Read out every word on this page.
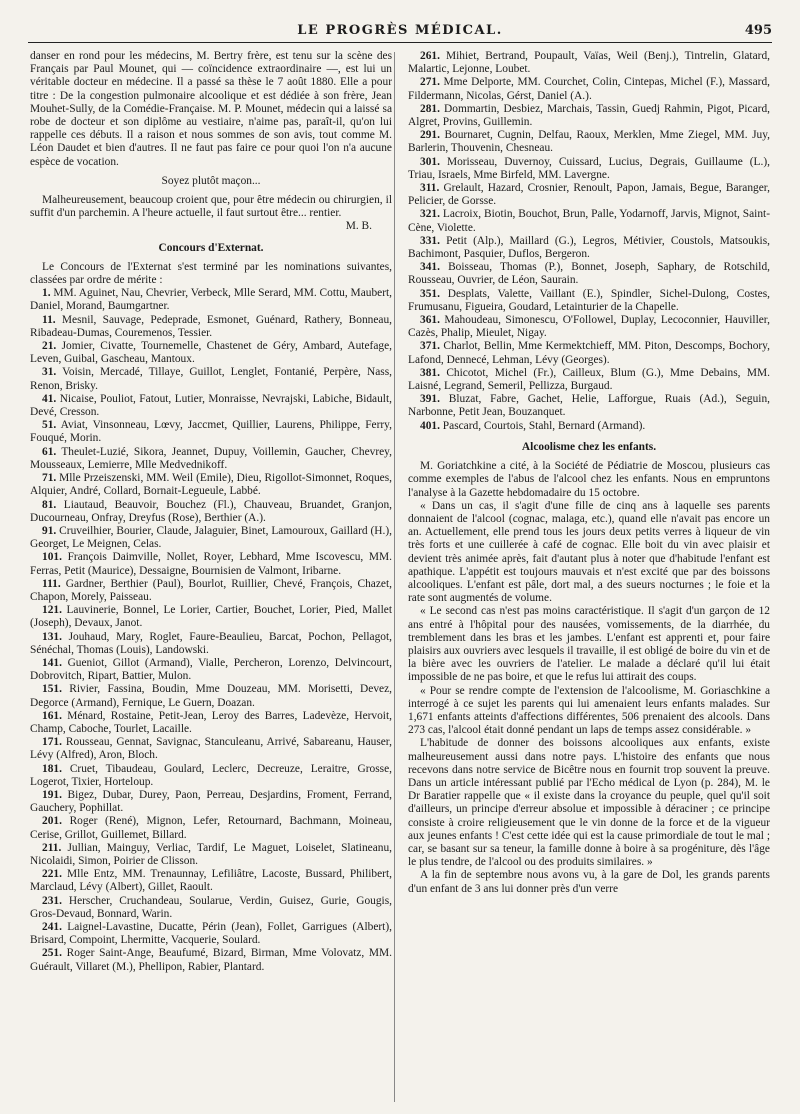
LE PROGRÈS MÉDICAL.	495

danser en rond pour les médecins, M. Bertry frère, est tenu sur la scène des Français par Paul Mounet, qui — coïncidence extraordinaire —, est lui un véritable docteur en médecine. Il a passé sa thèse le 7 août 1880. Elle a pour titre : De la congestion pulmonaire alcoolique et est dédiée à son frère, Jean Mouhet-Sully, de la Comédie-Française. M. P. Mounet, médecin qui a laissé sa robe de docteur et son diplôme au vestiaire, n'aime pas, paraît-il, qu'on lui rappelle ces débuts. Il a raison et nous sommes de son avis, tout comme M. Léon Daudet et bien d'autres. Il ne faut pas faire ce pour quoi l'on n'a aucune espèce de vocation.

Soyez plutôt maçon...

Malheureusement, beaucoup croient que, pour être médecin ou chirurgien, il suffit d'un parchemin. A l'heure actuelle, il faut surtout être... rentier.

M. B.

Concours d'Externat.

Le Concours de l'Externat s'est terminé par les nominations suivantes, classées par ordre de mérite :

1. MM. Aguinet, Nau, Chevrier, Verbeck, Mlle Serard, MM. Cottu, Maubert, Daniel, Morand, Baumgartner.

11. Mesnil, Sauvage, Pedeprade, Esmonet, Guénard, Rathery, Bonneau, Ribadeau-Dumas, Couremenos, Tessier.

21. Jomier, Civatte, Tournemelle, Chastenet de Géry, Ambard, Autefage, Leven, Guibal, Gascheau, Mantoux.

31. Voisin, Mercadé, Tillaye, Guillot, Lenglet, Fontanié, Perpère, Nass, Renon, Brisky.

41. Nicaise, Pouliot, Fatout, Lutier, Monraisse, Nevrajski, Labiche, Bidault, Devé, Cresson.

51. Aviat, Vinsonneau, Lœvy, Jaccmet, Quillier, Laurens, Philippe, Ferry, Fouqué, Morin.

61. Theulet-Luzié, Sikora, Jeannet, Dupuy, Voillemin, Gaucher, Chevrey, Mousseaux, Lemierre, Mlle Medvednikoff.

71. Mlle Przeiszenski, MM. Weil (Emile), Dieu, Rigollot-Simonnet, Roques, Alquier, André, Collard, Bornait-Legueule, Labbé.

81. Liautaud, Beauvoir, Bouchez (Fl.), Chauveau, Bruandet, Granjon, Ducourneau, Onfray, Dreyfus (Rose), Berthier (A.).

91. Cruveilhier, Bourier, Claude, Jalaguier, Binet, Lamouroux, Gaillard (H.), Georget, Le Meignen, Celas.

101. François Daimville, Nollet, Royer, Lebhard, Mme Iscovescu, MM. Ferras, Petit (Maurice), Dessaigne, Bournisien de Valmont, Iribarne.

111. Gardner, Berthier (Paul), Bourlot, Ruillier, Chevé, François, Chazet, Chapon, Morely, Paisseau.

121. Lauvinerie, Bonnel, Le Lorier, Cartier, Bouchet, Lorier, Pied, Mallet (Joseph), Devaux, Janot.

131. Jouhaud, Mary, Roglet, Faure-Beaulieu, Barcat, Pochon, Pellagot, Sénéchal, Thomas (Louis), Landowski.

141. Gueniot, Gillot (Armand), Vialle, Percheron, Lorenzo, Delvincourt, Dobrovitch, Ripart, Battier, Mulon.

151. Rivier, Fassina, Boudin, Mme Douzeau, MM. Morisetti, Devez, Degorce (Armand), Fernique, Le Guern, Doazan.

161. Ménard, Rostaine, Petit-Jean, Leroy des Barres, Ladevèze, Hervoit, Champ, Caboche, Tourlet, Lacaille.

171. Rousseau, Gennat, Savignac, Stanculeanu, Arrivé, Sabareanu, Hauser, Lévy (Alfred), Aron, Bloch.

181. Cruet, Tibaudeau, Goulard, Leclerc, Decreuze, Leraitre, Grosse, Logerot, Tixier, Horteloup.

191. Bigez, Dubar, Durey, Paon, Perreau, Desjardins, Froment, Ferrand, Gauchery, Pophillat.

201. Roger (René), Mignon, Lefer, Retournard, Bachmann, Moineau, Cerise, Grillot, Guillemet, Billard.

211. Jullian, Mainguy, Verliac, Tardif, Le Maguet, Loiselet, Slatineanu, Nicolaidi, Simon, Poirier de Clisson.

221. Mlle Entz, MM. Trenaunnay, Lefiliâtre, Lacoste, Bussard, Philibert, Marclaud, Lévy (Albert), Gillet, Raoult.

231. Herscher, Cruchandeau, Soularue, Verdin, Guisez, Gurie, Gougis, Gros-Devaud, Bonnard, Warin.

241. Laignel-Lavastine, Ducatte, Périn (Jean), Follet, Garrigues (Albert), Brisard, Compoint, Lhermitte, Vacquerie, Soulard.

251. Roger Saint-Ange, Beaufumé, Bizard, Birman, Mme Volovatz, MM. Guérault, Villaret (M.), Phellipon, Rabier, Plantard.

261. Mihiet, Bertrand, Poupault, Vaïas, Weil (Benj.), Tintrelin, Glatard, Malartic, Lejonne, Loubet.

271. Mme Delporte, MM. Courchet, Colin, Cintepas, Michel (F.), Massard, Fildermann, Nicolas, Gérst, Daniel (A.).

281. Dommartin, Desbiez, Marchais, Tassin, Guedj Rahmin, Pigot, Picard, Algret, Provins, Guillemin.

291. Bournaret, Cugnin, Delfau, Raoux, Merklen, Mme Ziegel, MM. Juy, Barlerin, Thouvenin, Chesneau.

301. Morisseau, Duvernoy, Cuissard, Lucius, Degrais, Guillaume (L.), Triau, Israels, Mme Birfeld, MM. Lavergne.

311. Grelault, Hazard, Crosnier, Renoult, Papon, Jamais, Begue, Baranger, Pelicier, de Gorsse.

321. Lacroix, Biotin, Bouchot, Brun, Palle, Yodarnoff, Jarvis, Mignot, Saint-Cène, Violette.

331. Petit (Alp.), Maillard (G.), Legros, Métivier, Coustols, Matsoukis, Bachimont, Pasquier, Duflos, Bergeron.

341. Boisseau, Thomas (P.), Bonnet, Joseph, Saphary, de Rotschild, Rousseau, Ouvrier, de Léon, Saurain.

351. Desplats, Valette, Vaillant (E.), Spindler, Sichel-Dulong, Costes, Frumusanu, Figueira, Goudard, Letainturier de la Chapelle.

361. Mahoudeau, Simonescu, O'Followel, Duplay, Lecoconnier, Hauviller, Cazès, Phalip, Mieulet, Nigay.

371. Charlot, Bellin, Mme Kermektchieff, MM. Piton, Descomps, Bochory, Lafond, Dennecé, Lehman, Lévy (Georges).

381. Chicotot, Michel (Fr.), Cailleux, Blum (G.), Mme Debains, MM. Laisné, Legrand, Semeril, Pellizza, Burgaud.

391. Bluzat, Fabre, Gachet, Helie, Lafforgue, Ruais (Ad.), Seguin, Narbonne, Petit Jean, Bouzanquet.

401. Pascard, Courtois, Stahl, Bernard (Armand).

Alcoolisme chez les enfants.

M. Goriatchkine a cité, à la Société de Pédiatrie de Moscou, plusieurs cas comme exemples de l'abus de l'alcool chez les enfants. Nous en empruntons l'analyse à la Gazette hebdomadaire du 15 octobre.

« Dans un cas, il s'agit d'une fille de cinq ans à laquelle ses parents donnaient de l'alcool (cognac, malaga, etc.), quand elle n'avait pas encore un an. Actuellement, elle prend tous les jours deux petits verres à liqueur de vin très forts et une cuillerée à café de cognac. Elle boit du vin avec plaisir et devient très animée après, fait d'autant plus à noter que d'habitude l'enfant est apathique. L'appétit est toujours mauvais et n'est excité que par des boissons alcooliques. L'enfant est pâle, dort mal, a des sueurs nocturnes ; le foie et la rate sont augmentés de volume.

« Le second cas n'est pas moins caractéristique. Il s'agit d'un garçon de 12 ans entré à l'hôpital pour des nausées, vomissements, de la diarrhée, du tremblement dans les bras et les jambes. L'enfant est apprenti et, pour faire plaisirs aux ouvriers avec lesquels il travaille, il est obligé de boire du vin et de la bière avec les ouvriers de l'atelier. Le malade a déclaré qu'il lui était impossible de ne pas boire, et que le refus lui attirait des coups.

« Pour se rendre compte de l'extension de l'alcoolisme, M. Goriaschkine a interrogé à ce sujet les parents qui lui amenaient leurs enfants malades. Sur 1,671 enfants atteints d'affections différentes, 506 prenaient des alcools. Dans 273 cas, l'alcool était donné pendant un laps de temps assez considérable. »

L'habitude de donner des boissons alcooliques aux enfants, existe malheureusement aussi dans notre pays. L'histoire des enfants que nous recevons dans notre service de Bicêtre nous en fournit trop souvent la preuve. Dans un article intéressant publié par l'Echo médical de Lyon (p. 284), M. le Dr Baratier rappelle que « il existe dans la croyance du peuple, quel qu'il soit d'ailleurs, un principe d'erreur absolue et impossible à déraciner ; ce principe consiste à croire religieusement que le vin donne de la force et de la vigueur aux jeunes enfants ! C'est cette idée qui est la cause primordiale de tout le mal ; car, se basant sur sa teneur, la famille donne à boire à sa progéniture, dès l'âge le plus tendre, de l'alcool ou des produits similaires. »

A la fin de septembre nous avons vu, à la gare de Dol, les grands parents d'un enfant de 3 ans lui donner près d'un verre
